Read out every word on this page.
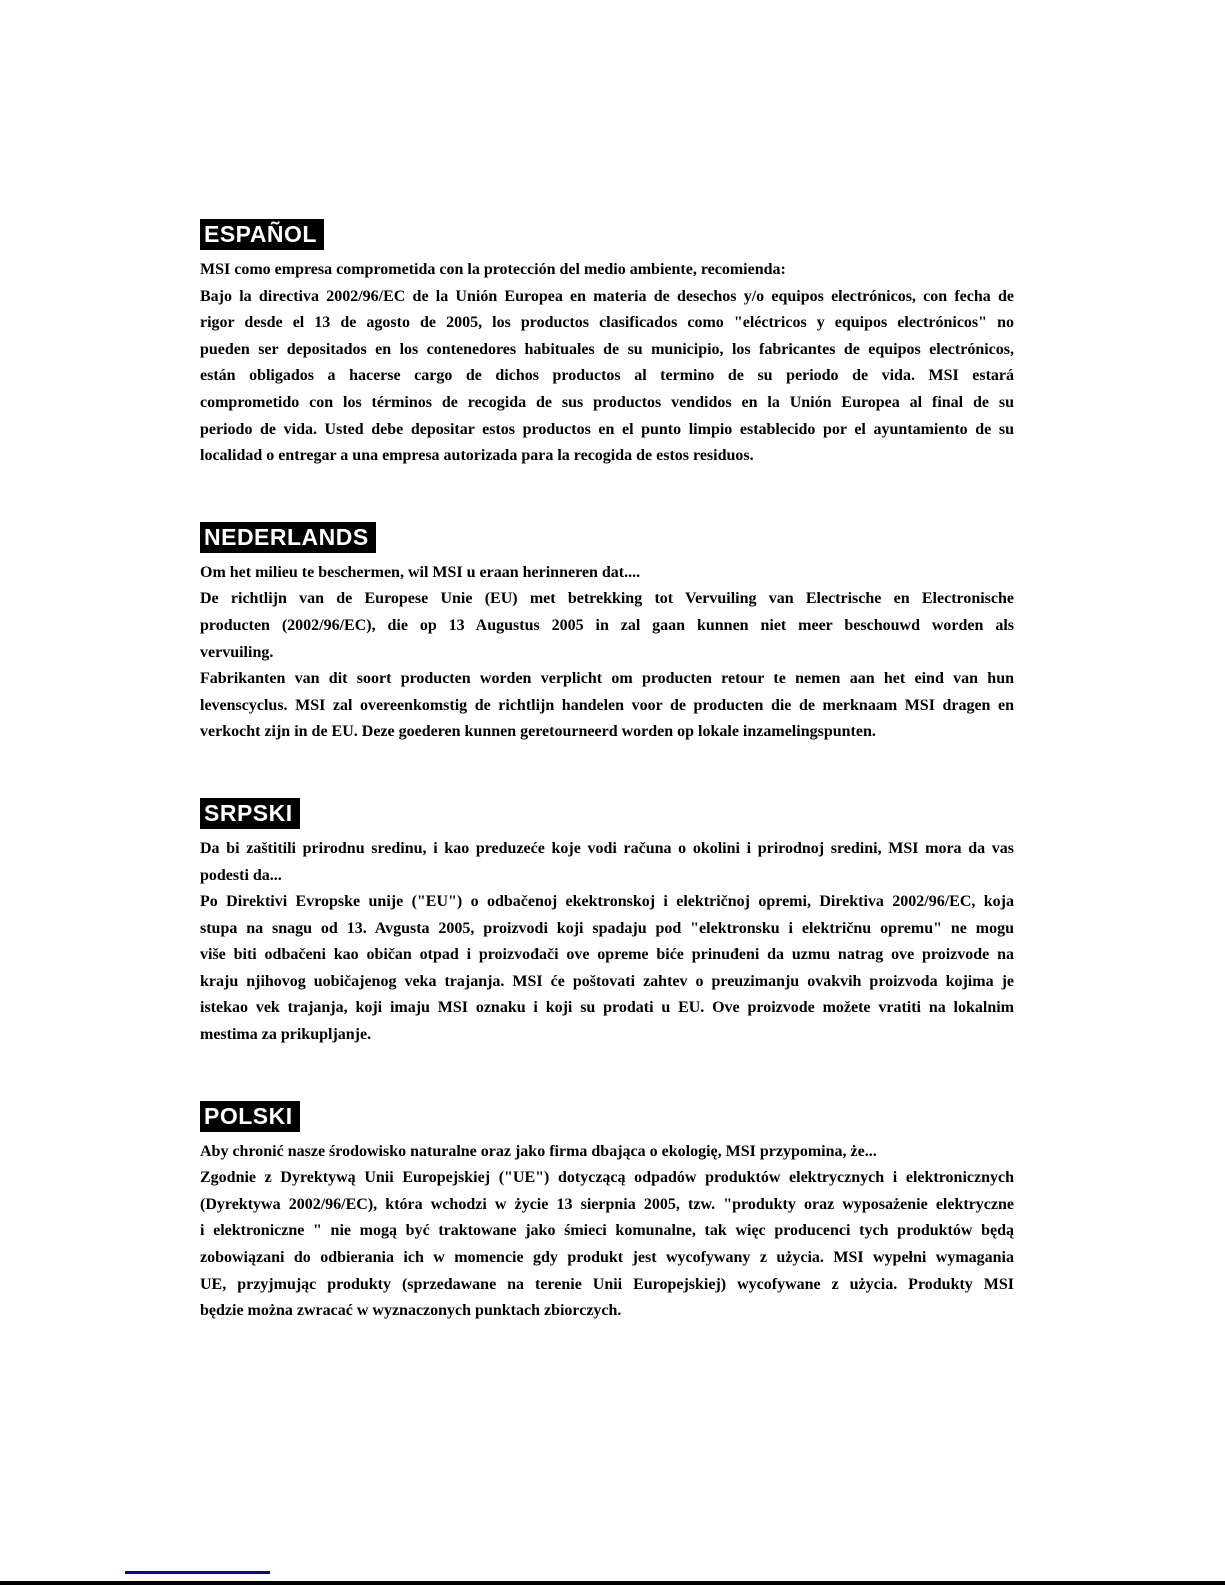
ESPAÑOL
MSI como empresa comprometida con la protección del medio ambiente, recomienda:
Bajo la directiva 2002/96/EC de la Unión Europea en materia de desechos y/o equipos electrónicos, con fecha de
rigor desde el 13 de agosto de 2005, los productos clasificados como "eléctricos y equipos electrónicos" no
pueden ser depositados en los contenedores habituales de su municipio, los fabricantes de equipos electrónicos,
están obligados a hacerse cargo de dichos productos al termino de su periodo de vida. MSI estará
comprometido con los términos de recogida de sus productos vendidos en la Unión Europea al final de su
periodo de vida. Usted debe depositar estos productos en el punto limpio establecido por el ayuntamiento de su
localidad o entregar a una empresa autorizada para la recogida de estos residuos.
NEDERLANDS
Om het milieu te beschermen, wil MSI u eraan herinneren dat....
De richtlijn van de Europese Unie (EU) met betrekking tot Vervuiling van Electrische en Electronische
producten (2002/96/EC), die op 13 Augustus 2005 in zal gaan kunnen niet meer beschouwd worden als
vervuiling.
Fabrikanten van dit soort producten worden verplicht om producten retour te nemen aan het eind van hun
levenscyclus. MSI zal overeenkomstig de richtlijn handelen voor de producten die de merknaam MSI dragen en
verkocht zijn in de EU. Deze goederen kunnen geretourneerd worden op lokale inzamelingspunten.
SRPSKI
Da bi zaštitili prirodnu sredinu, i kao preduzeće koje vodi računa o okolini i prirodnoj sredini, MSI mora da vas
podesti da...
Po Direktivi Evropske unije ("EU") o odbačenoj ekektronskoj i električnoj opremi, Direktiva 2002/96/EC, koja
stupa na snagu od 13. Avgusta 2005, proizvodi koji spadaju pod "elektronsku i električnu opremu" ne mogu
više biti odbačeni kao običan otpad i proizvođači ove opreme biće prinuđeni da uzmu natrag ove proizvode na
kraju njihovog uobičajenog veka trajanja. MSI će poštovati zahtev o preuzimanju ovakvih proizvoda kojima je
istekao vek trajanja, koji imaju MSI oznaku i koji su prodati u EU. Ove proizvode možete vratiti na lokalnim
mestima za prikupljanje.
POLSKI
Aby chronić nasze środowisko naturalne oraz jako firma dbająca o ekologię, MSI przypomina, że...
Zgodnie z Dyrektywą Unii Europejskiej ("UE") dotyczącą odpadów produktów elektrycznych i elektronicznych
(Dyrektywa 2002/96/EC), która wchodzi w życie 13 sierpnia 2005, tzw. "produkty oraz wyposażenie elektryczne
i elektroniczne " nie mogą być traktowane jako śmieci komunalne, tak więc producenci tych produktów będą
zobowiązani do odbierania ich w momencie gdy produkt jest wycofywany z użycia. MSI wypełni wymagania
UE, przyjmując produkty (sprzedawane na terenie Unii Europejskiej) wycofywane z użycia. Produkty MSI
będzie można zwracać w wyznaczonych punktach zbiorczych.
